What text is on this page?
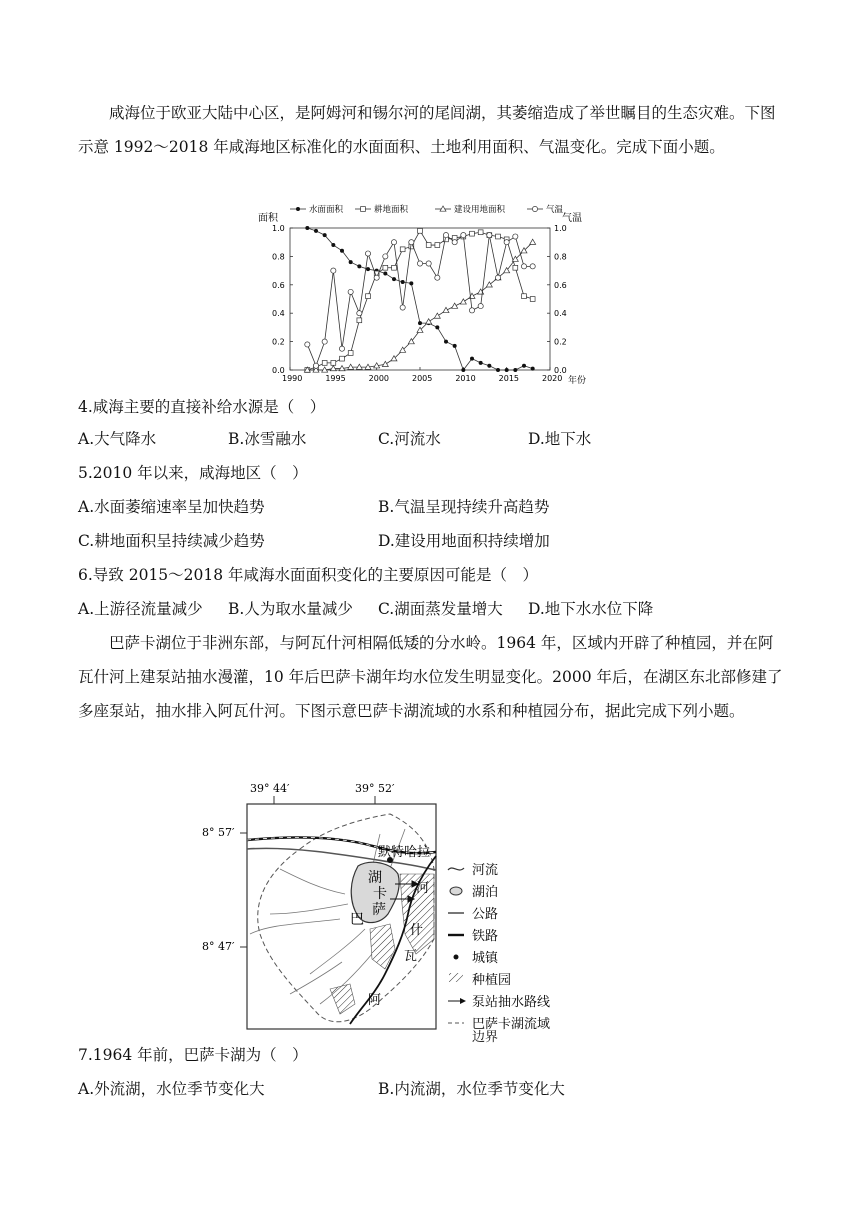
咸海位于欧亚大陆中心区，是阿姆河和锡尔河的尾闾湖，其萎缩造成了举世瞩目的生态灾难。下图示意 1992～2018 年咸海地区标准化的水面面积、土地利用面积、气温变化。完成下面小题。
水面面积	耕地面积	建设用地面积	气温
面积	气温
年份
1990	1995	2000	2005	2010	2015	2020
0.0	0.0
0.2	0.2
0.4	0.4
0.6	0.6
0.8	0.8
1.0	1.0
4.咸海主要的直接补给水源是（　）
A.大气降水	B.冰雪融水	C.河流水	D.地下水
5.2010 年以来，咸海地区（　）
A.水面萎缩速率呈加快趋势	B.气温呈现持续升高趋势
C.耕地面积呈持续减少趋势	D.建设用地面积持续增加
6.导致 2015～2018 年咸海水面面积变化的主要原因可能是（　）
A.上游径流量减少 B.人为取水量减少 C.湖面蒸发量增大 D.地下水水位下降
巴萨卡湖位于非洲东部，与阿瓦什河相隔低矮的分水岭。1964 年，区域内开辟了种植园，并在阿瓦什河上建泵站抽水漫灌，10 年后巴萨卡湖年均水位发生明显变化。2000 年后，在湖区东北部修建了多座泵站，抽水排入阿瓦什河。下图示意巴萨卡湖流域的水系和种植园分布，据此完成下列小题。
39° 44′	39° 52′
8° 57′
8° 47′
默特哈拉
湖
卡
萨
巴
河
什
瓦
阿
河流
湖泊
公路
铁路
城镇
种植园
泵站抽水路线
巴萨卡湖流域
边界
7.1964 年前，巴萨卡湖为（　）
A.外流湖，水位季节变化大	B.内流湖，水位季节变化大
